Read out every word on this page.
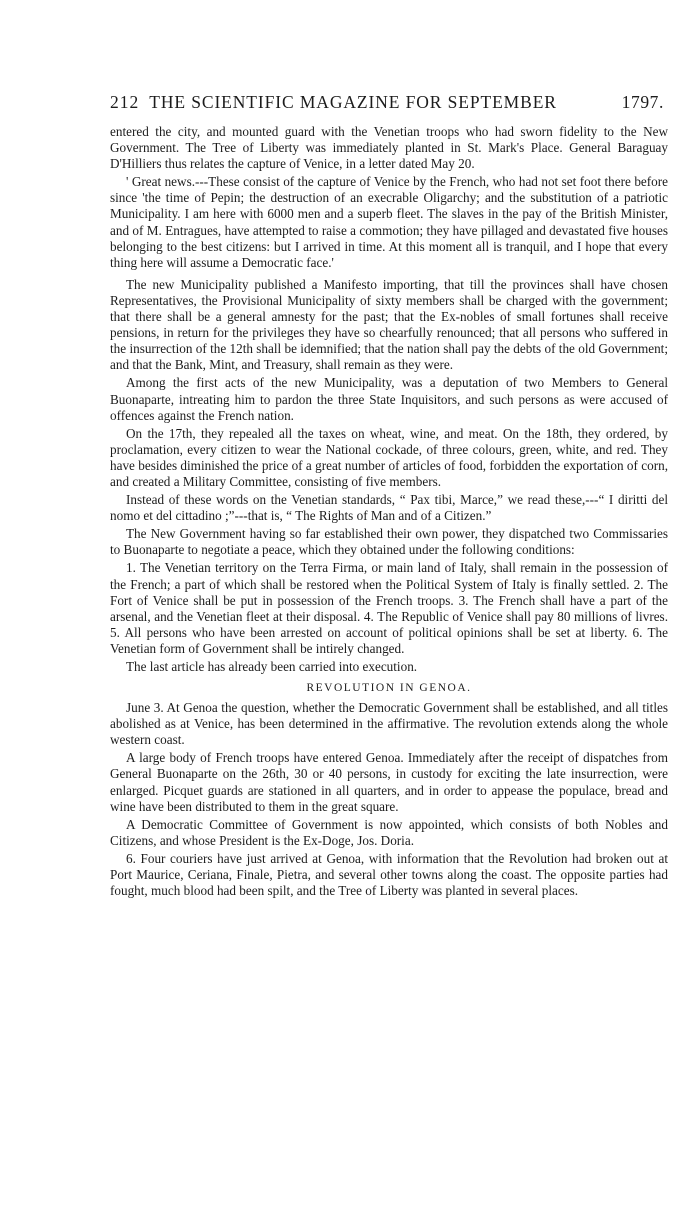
212 THE SCIENTIFIC MAGAZINE FOR SEPTEMBER	1797.

entered the city, and mounted guard with the Venetian troops who had sworn fidelity to the New Government. The Tree of Liberty was immediately planted in St. Mark's Place. General Baraguay D'Hilliers thus relates the capture of Venice, in a letter dated May 20.

' Great news.---These consist of the capture of Venice by the French, who had not set foot there before since 'the time of Pepin; the destruction of an execrable Oligarchy; and the substitution of a patriotic Municipality. I am here with 6000 men and a superb fleet. The slaves in the pay of the British Minister, and of M. Entragues, have attempted to raise a commotion; they have pillaged and devastated five houses belonging to the best citizens: but I arrived in time. At this moment all is tranquil, and I hope that every thing here will assume a Democratic face.'

The new Municipality published a Manifesto importing, that till the provinces shall have chosen Representatives, the Provisional Municipality of sixty members shall be charged with the government; that there shall be a general amnesty for the past; that the Ex-nobles of small fortunes shall receive pensions, in return for the privileges they have so chearfully renounced; that all persons who suffered in the insurrection of the 12th shall be idemnified; that the nation shall pay the debts of the old Government; and that the Bank, Mint, and Treasury, shall remain as they were.

Among the first acts of the new Municipality, was a deputation of two Members to General Buonaparte, intreating him to pardon the three State Inquisitors, and such persons as were accused of offences against the French nation.

On the 17th, they repealed all the taxes on wheat, wine, and meat. On the 18th, they ordered, by proclamation, every citizen to wear the National cockade, of three colours, green, white, and red. They have besides diminished the price of a great number of articles of food, forbidden the exportation of corn, and created a Military Committee, consisting of five members.

Instead of these words on the Venetian standards, “ Pax tibi, Marce,” we read these,---“ I diritti del nomo et del cittadino ;”---that is, “ The Rights of Man and of a Citizen.”

The New Government having so far established their own power, they dispatched two Commissaries to Buonaparte to negotiate a peace, which they obtained under the following conditions:

1. The Venetian territory on the Terra Firma, or main land of Italy, shall remain in the possession of the French; a part of which shall be restored when the Political System of Italy is finally settled. 2. The Fort of Venice shall be put in possession of the French troops. 3. The French shall have a part of the arsenal, and the Venetian fleet at their disposal. 4. The Republic of Venice shall pay 80 millions of livres. 5. All persons who have been arrested on account of political opinions shall be set at liberty. 6. The Venetian form of Government shall be intirely changed.

The last article has already been carried into execution.

REVOLUTION IN GENOA.

June 3. At Genoa the question, whether the Democratic Government shall be established, and all titles abolished as at Venice, has been determined in the affirmative. The revolution extends along the whole western coast.

A large body of French troops have entered Genoa. Immediately after the receipt of dispatches from General Buonaparte on the 26th, 30 or 40 persons, in custody for exciting the late insurrection, were enlarged. Picquet guards are stationed in all quarters, and in order to appease the populace, bread and wine have been distributed to them in the great square.

A Democratic Committee of Government is now appointed, which consists of both Nobles and Citizens, and whose President is the Ex-Doge, Jos. Doria.

6. Four couriers have just arrived at Genoa, with information that the Revolution had broken out at Port Maurice, Ceriana, Finale, Pietra, and several other towns along the coast. The opposite parties had fought, much blood had been spilt, and the Tree of Liberty was planted in several places.
